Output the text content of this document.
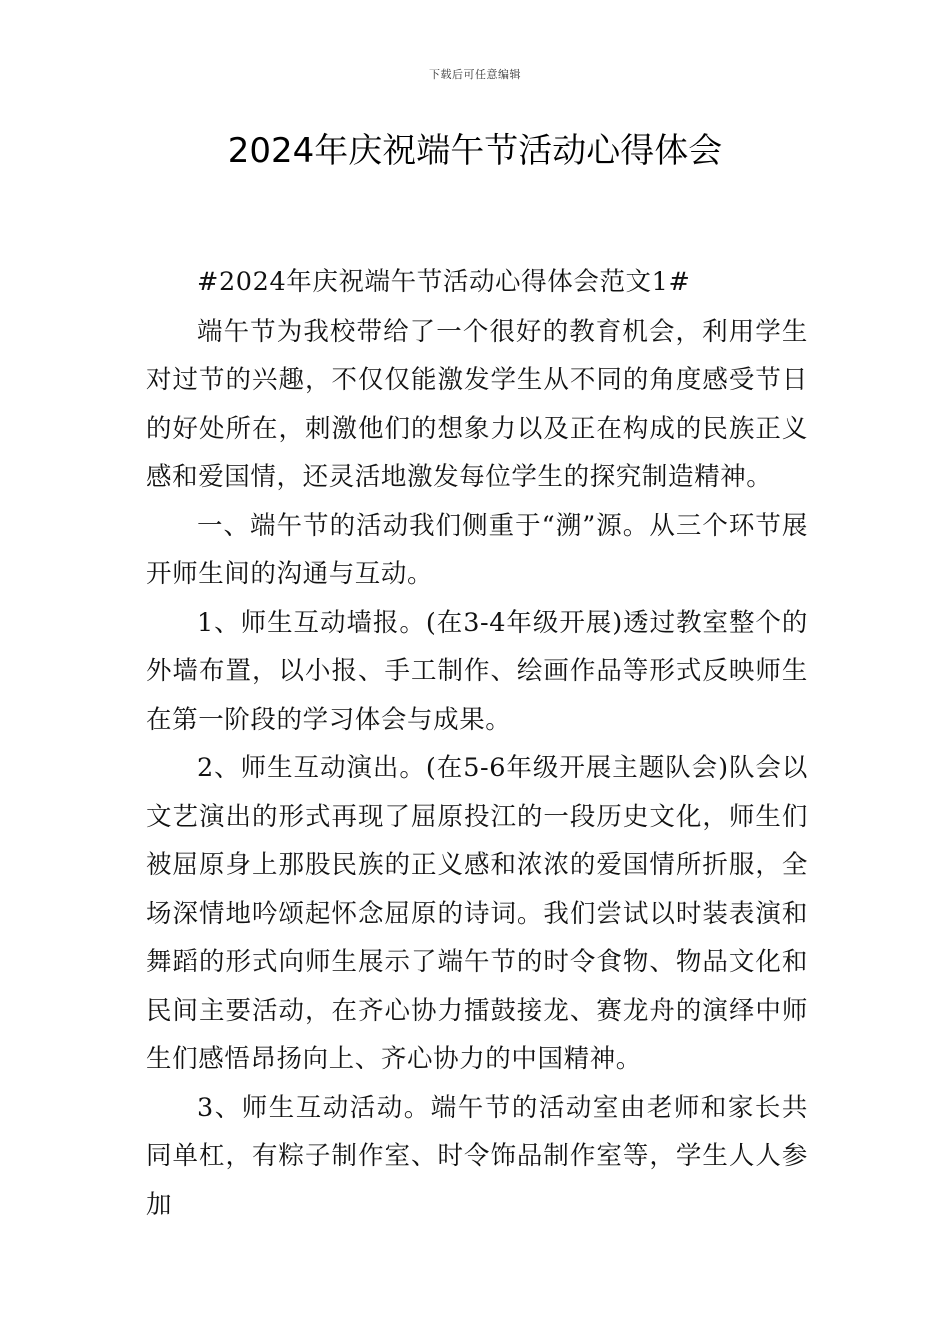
下载后可任意编辑
2024年庆祝端午节活动心得体会

#2024年庆祝端午节活动心得体会范文1#

端午节为我校带给了一个很好的教育机会，利用学生对过节的兴趣，不仅仅能激发学生从不同的角度感受节日的好处所在，刺激他们的想象力以及正在构成的民族正义感和爱国情，还灵活地激发每位学生的探究制造精神。

一、端午节的活动我们侧重于“溯”源。从三个环节展开师生间的沟通与互动。

1、师生互动墙报。(在3-4年级开展)透过教室整个的外墙布置，以小报、手工制作、绘画作品等形式反映师生在第一阶段的学习体会与成果。

2、师生互动演出。(在5-6年级开展主题队会)队会以文艺演出的形式再现了屈原投江的一段历史文化，师生们被屈原身上那股民族的正义感和浓浓的爱国情所折服，全场深情地吟颂起怀念屈原的诗词。我们尝试以时装表演和舞蹈的形式向师生展示了端午节的时令食物、物品文化和民间主要活动，在齐心协力擂鼓接龙、赛龙舟的演绎中师生们感悟昂扬向上、齐心协力的中国精神。

3、师生互动活动。端午节的活动室由老师和家长共同单杠，有粽子制作室、时令饰品制作室等，学生人人参加
